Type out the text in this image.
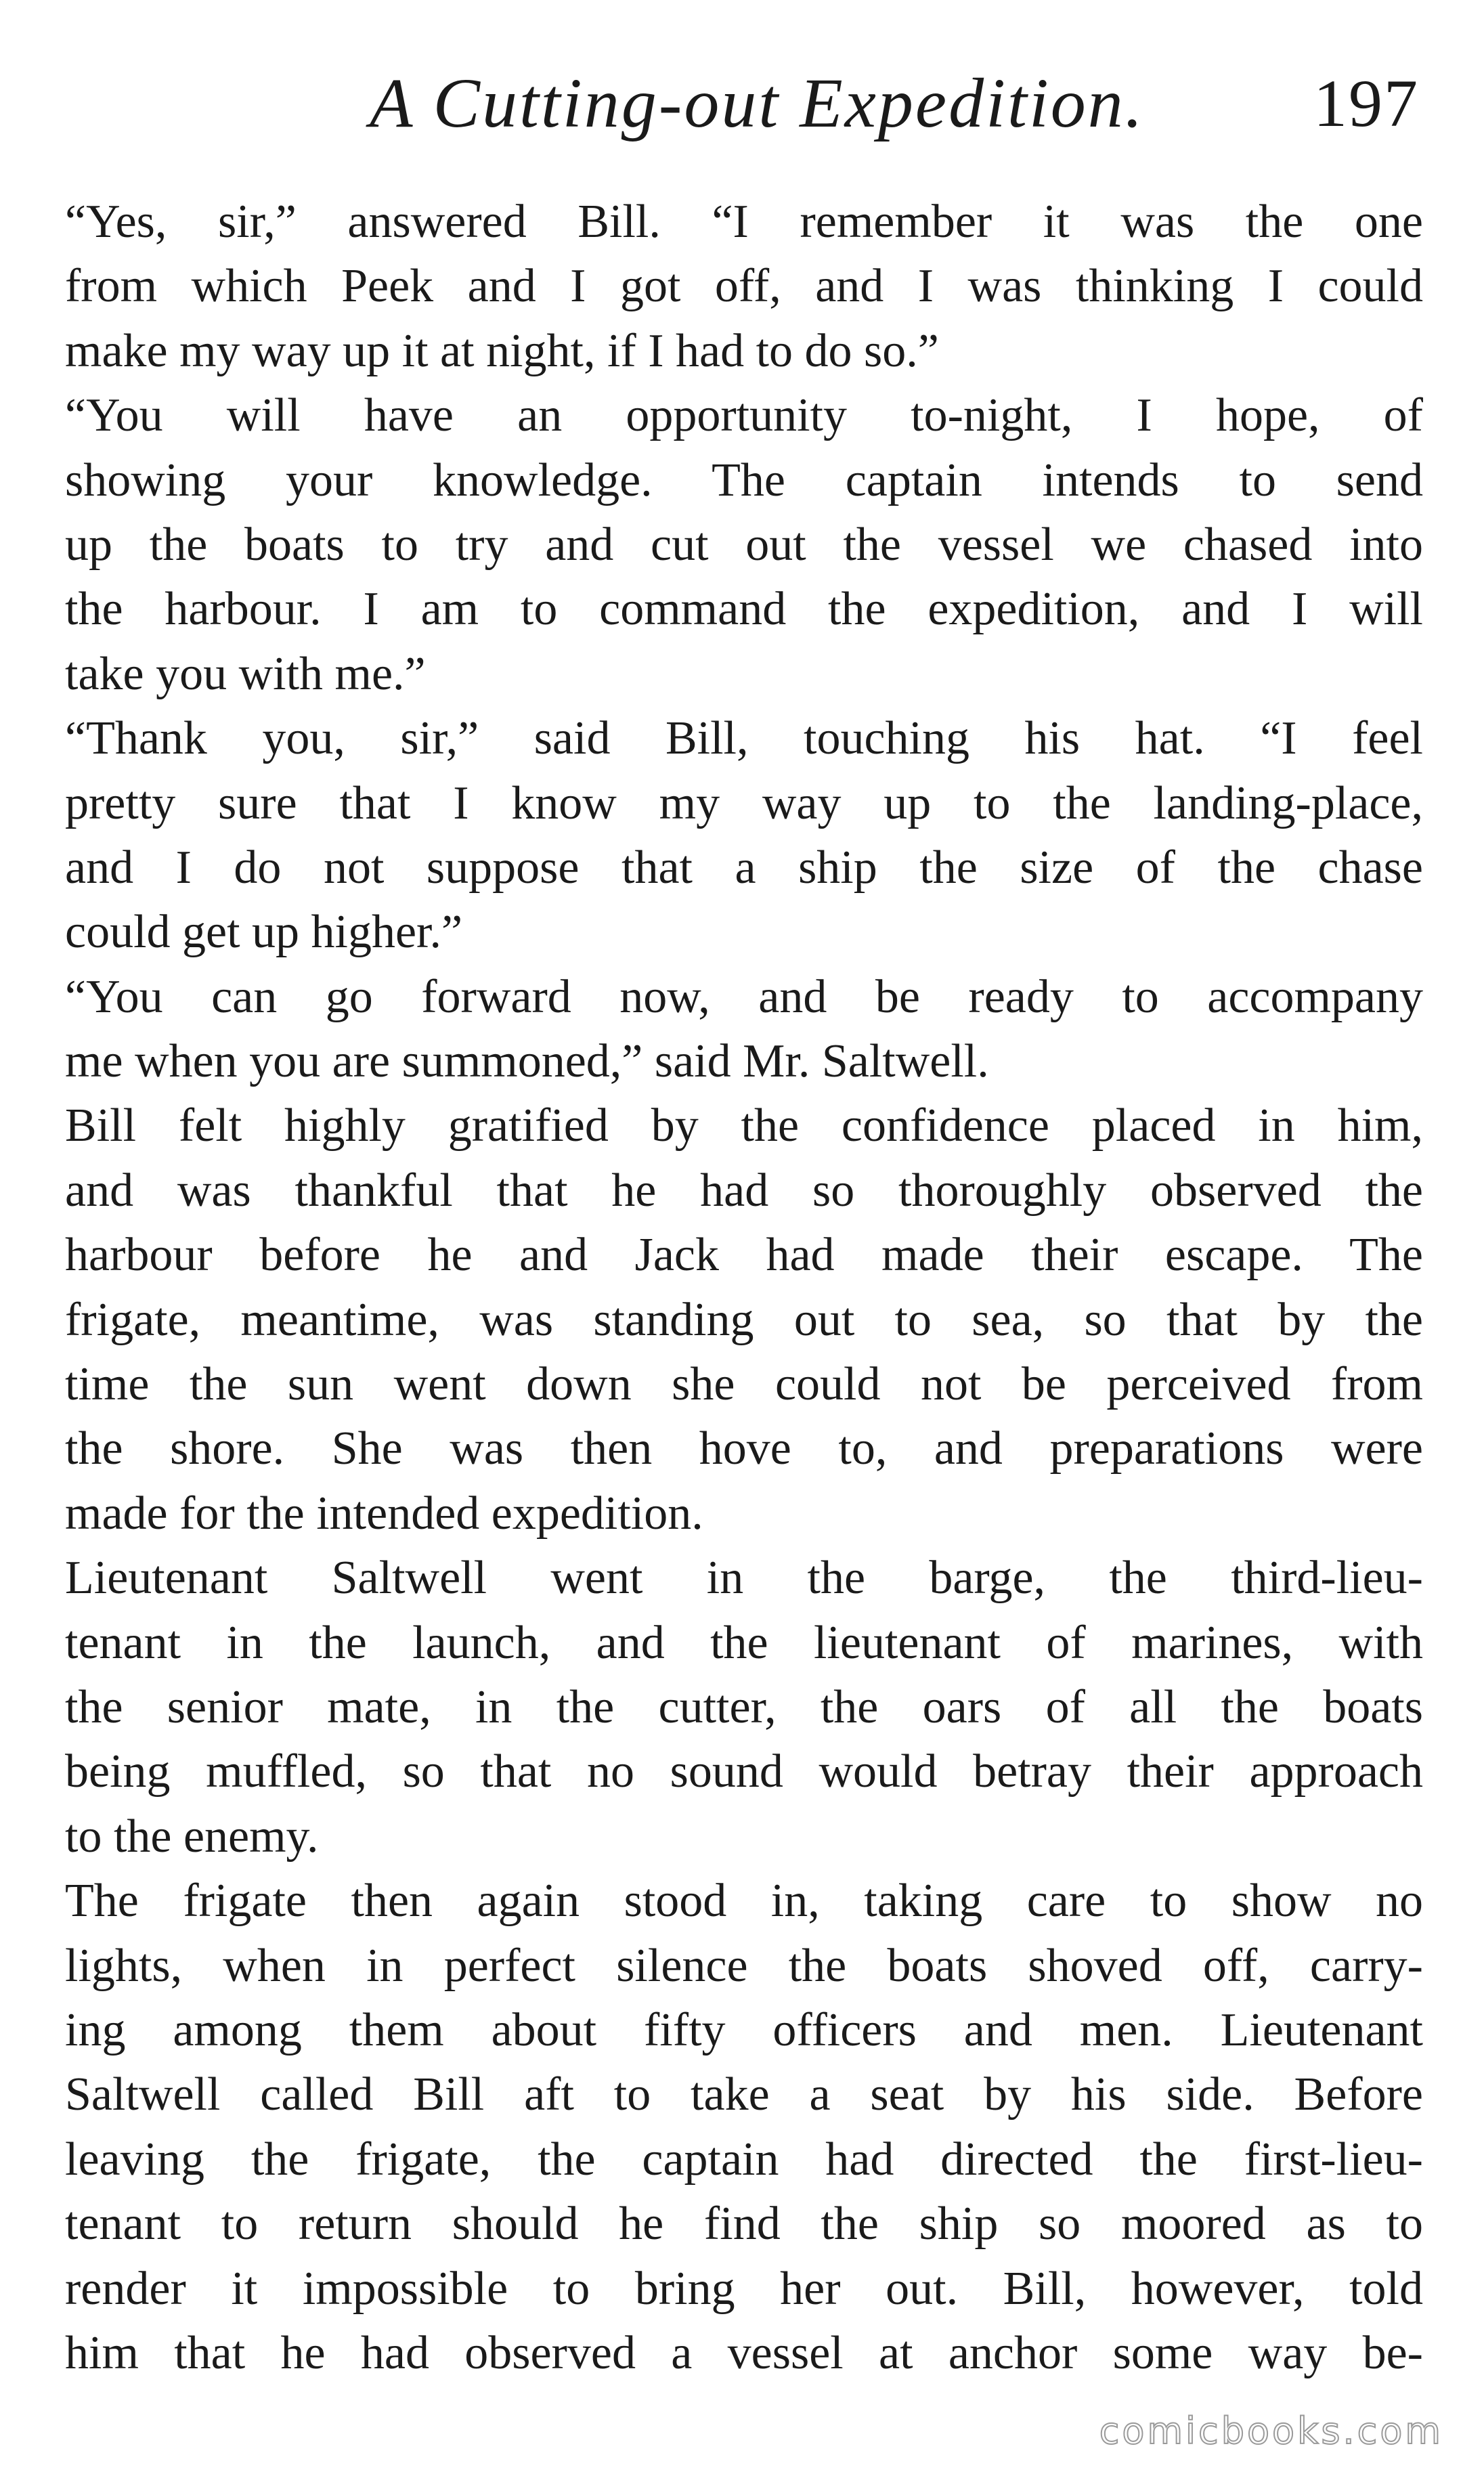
A Cutting-out Expedition. 197
“Yes, sir,” answered Bill. “I remember it was the one
from which Peek and I got off, and I was thinking I could
make my way up it at night, if I had to do so.”
“You will have an opportunity to-night, I hope, of
showing your knowledge. The captain intends to send
up the boats to try and cut out the vessel we chased into
the harbour. I am to command the expedition, and I will
take you with me.”
“Thank you, sir,” said Bill, touching his hat. “I feel
pretty sure that I know my way up to the landing-place,
and I do not suppose that a ship the size of the chase
could get up higher.”
“You can go forward now, and be ready to accompany
me when you are summoned,” said Mr. Saltwell.
Bill felt highly gratified by the confidence placed in him,
and was thankful that he had so thoroughly observed the
harbour before he and Jack had made their escape. The
frigate, meantime, was standing out to sea, so that by the
time the sun went down she could not be perceived from
the shore. She was then hove to, and preparations were
made for the intended expedition.
Lieutenant Saltwell went in the barge, the third-lieu-
tenant in the launch, and the lieutenant of marines, with
the senior mate, in the cutter, the oars of all the boats
being muffled, so that no sound would betray their approach
to the enemy.
The frigate then again stood in, taking care to show no
lights, when in perfect silence the boats shoved off, carry-
ing among them about fifty officers and men. Lieutenant
Saltwell called Bill aft to take a seat by his side. Before
leaving the frigate, the captain had directed the first-lieu-
tenant to return should he find the ship so moored as to
render it impossible to bring her out. Bill, however, told
him that he had observed a vessel at anchor some way be-
comicbooks.com
